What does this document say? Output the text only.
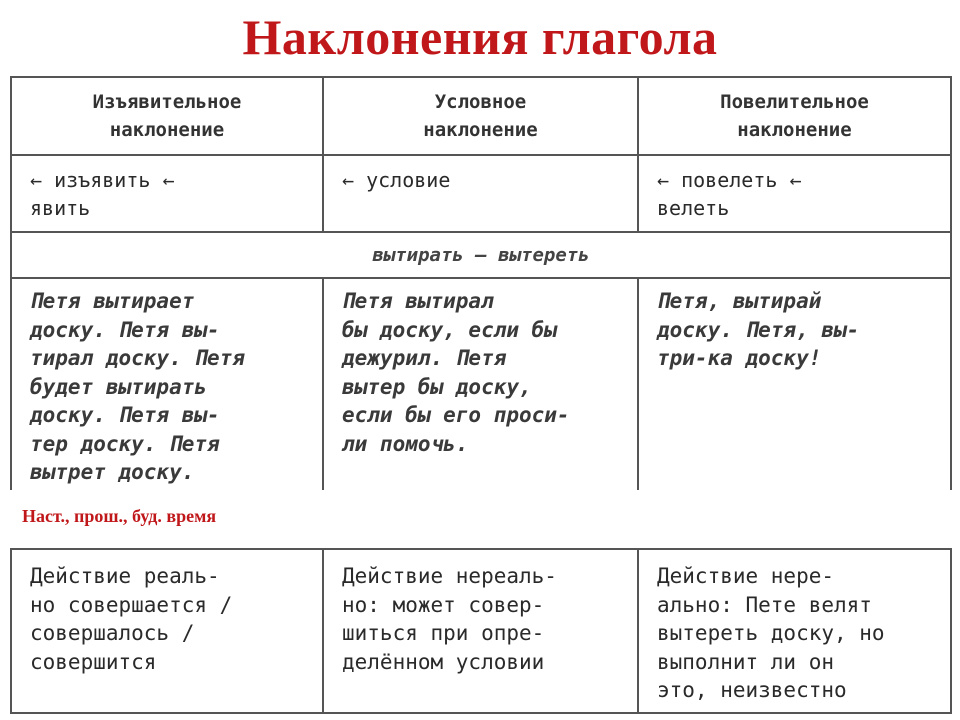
Наклонения глагола
Изъявительное
наклонение
Условное
наклонение
Повелительное
наклонение
← изъявить ←
явить
← условие	← повелеть ←
велеть
вытирать — вытереть
Петя вытирает
доску. Петя вы-
тирал доску. Петя
будет вытирать
доску. Петя вы-
тер доску. Петя
вытрет доску.
Петя вытирал
бы доску, если бы
дежурил. Петя
вытер бы доску,
если бы его проси-
ли помочь.
Петя, вытирай
доску. Петя, вы-
три-ка доску!
Наст., прош., буд. время
Действие реаль-
но совершается /
совершалось /
совершится
Действие нереаль-
но: может совер-
шиться при опре-
делённом условии
Действие нере-
ально: Пете велят
вытереть доску, но
выполнит ли он
это, неизвестно
